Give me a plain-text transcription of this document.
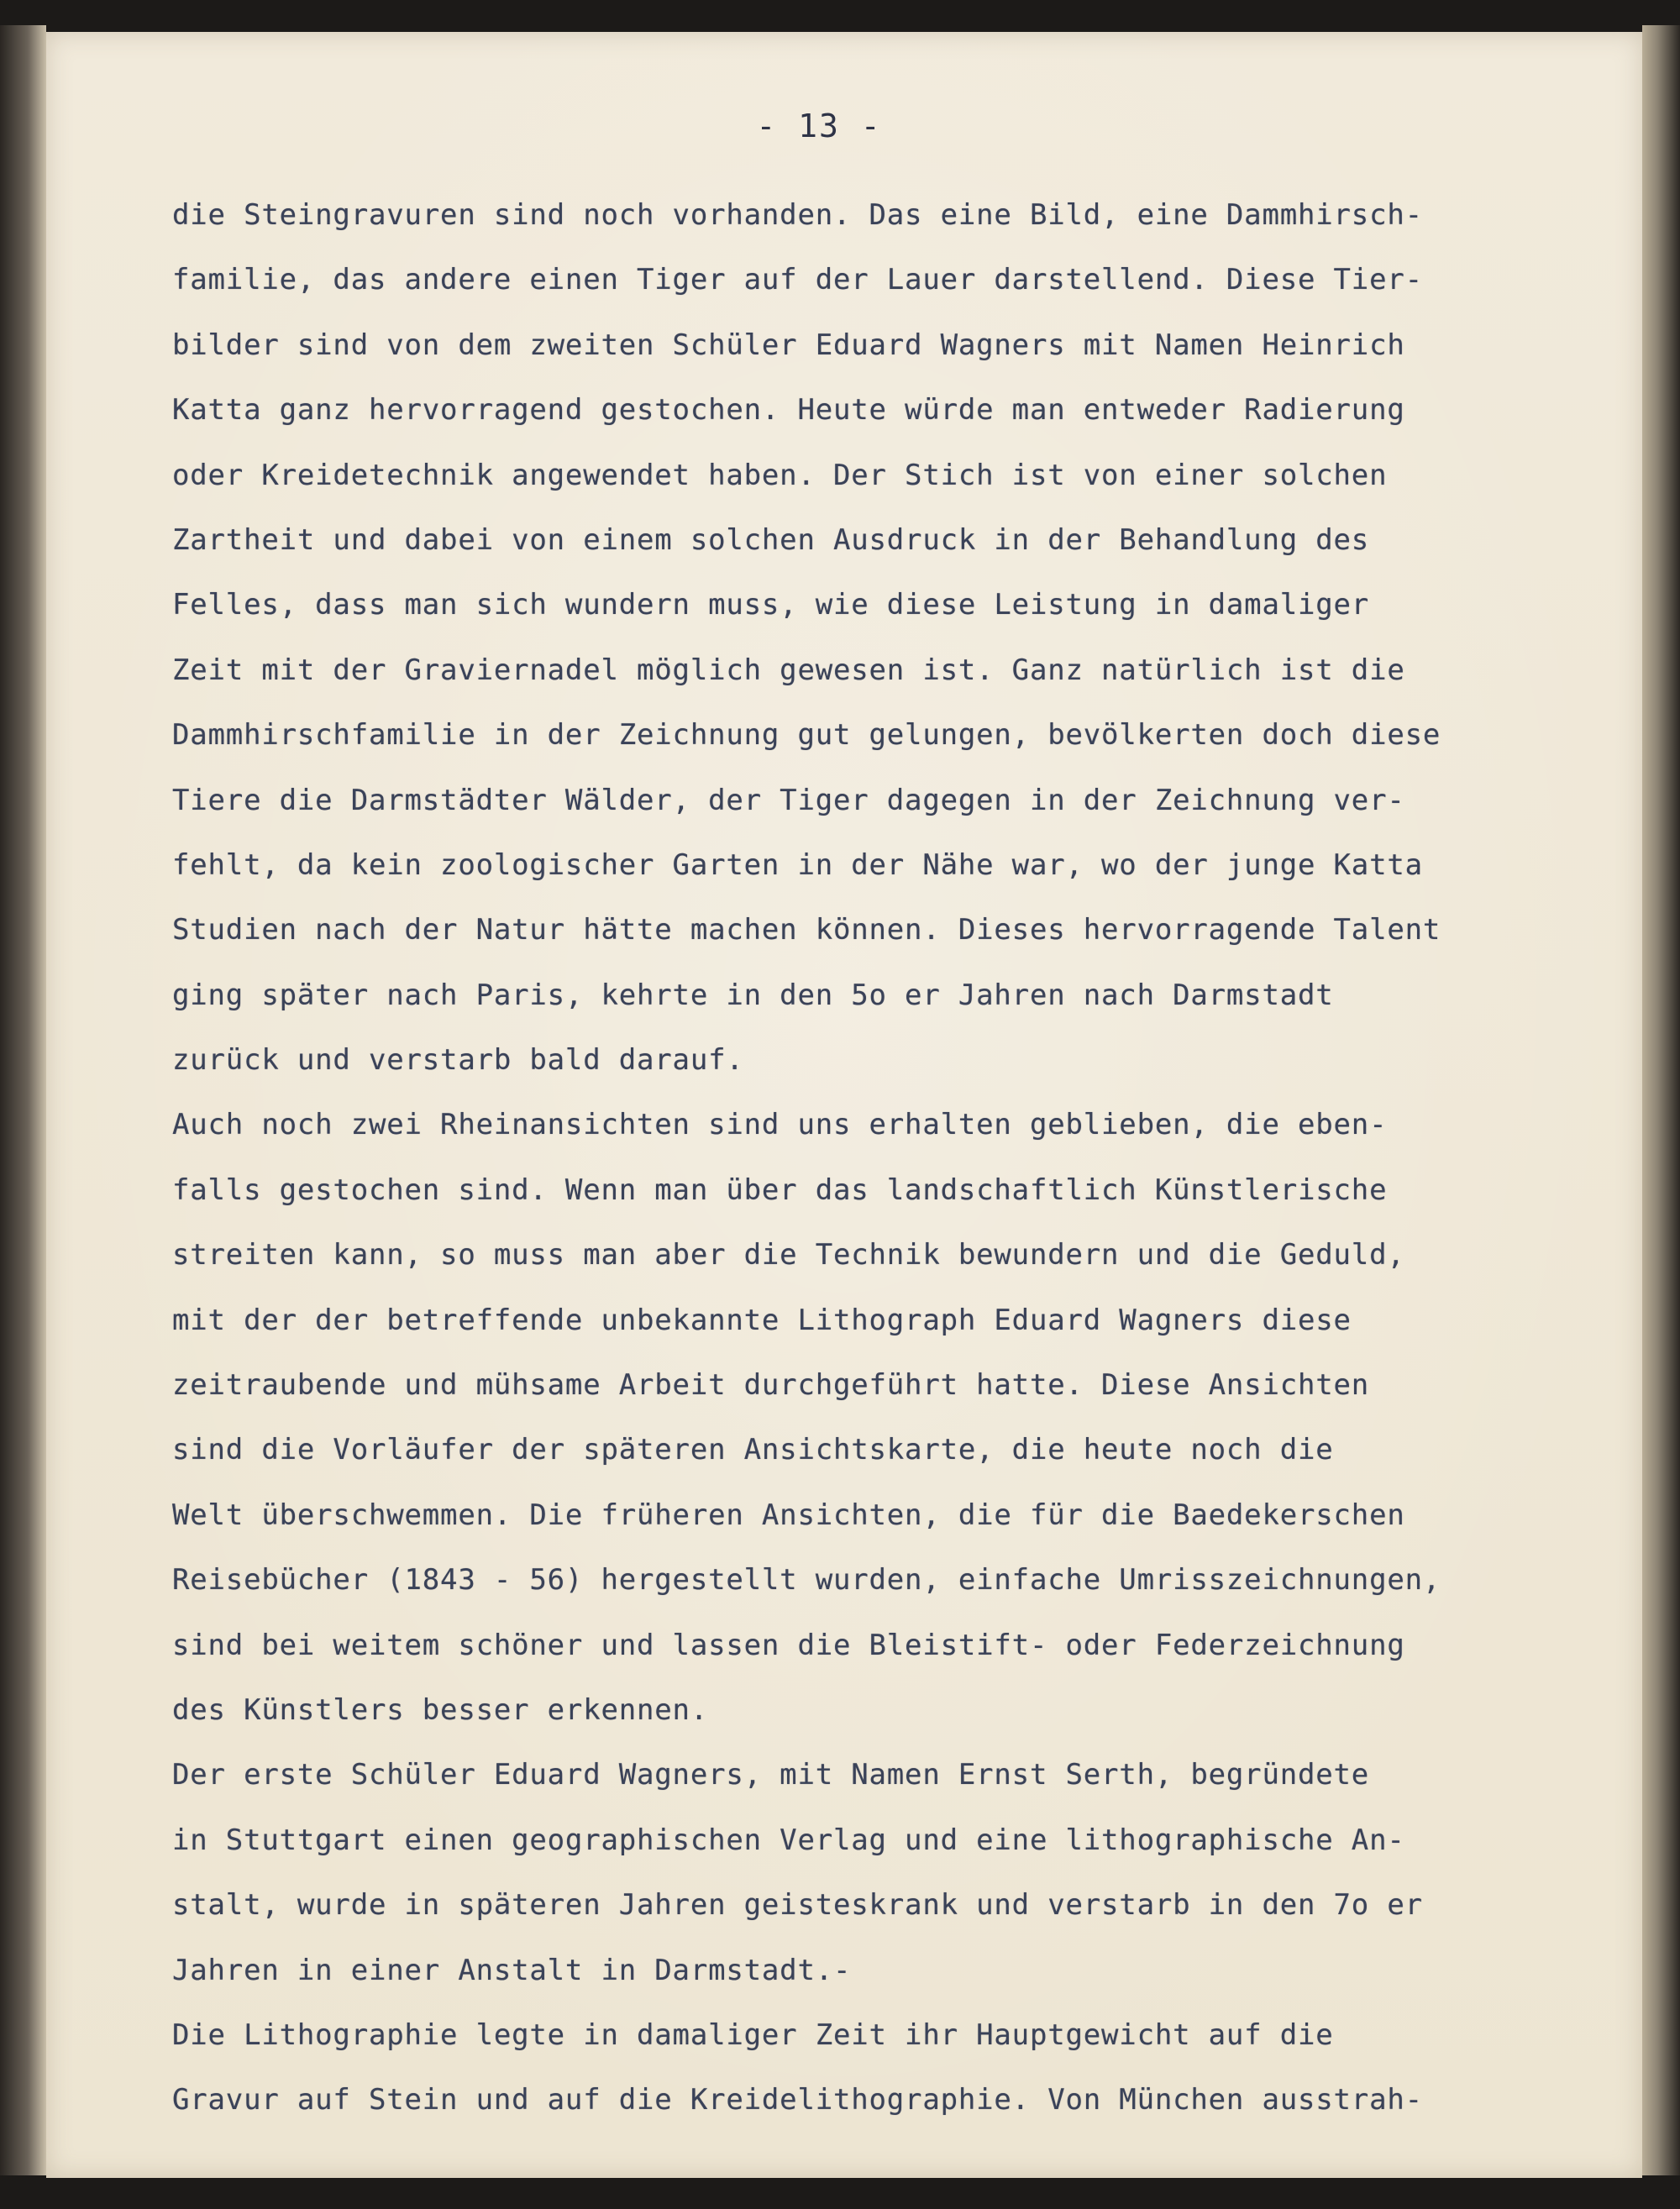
- 13 -
die Steingravuren sind noch vorhanden. Das eine Bild, eine Dammhirsch-
familie, das andere einen Tiger auf der Lauer darstellend. Diese Tier-
bilder sind von dem zweiten Schüler Eduard Wagners mit Namen Heinrich
Katta ganz hervorragend gestochen. Heute würde man entweder Radierung
oder Kreidetechnik angewendet haben. Der Stich ist von einer solchen
Zartheit und dabei von einem solchen Ausdruck in der Behandlung des
Felles, dass man sich wundern muss, wie diese Leistung in damaliger
Zeit mit der Graviernadel möglich gewesen ist. Ganz natürlich ist die
Dammhirschfamilie in der Zeichnung gut gelungen, bevölkerten doch diese
Tiere die Darmstädter Wälder, der Tiger dagegen in der Zeichnung ver-
fehlt, da kein zoologischer Garten in der Nähe war, wo der junge Katta
Studien nach der Natur hätte machen können. Dieses hervorragende Talent
ging später nach Paris, kehrte in den 5o er Jahren nach Darmstadt
zurück und verstarb bald darauf.
Auch noch zwei Rheinansichten sind uns erhalten geblieben, die eben-
falls gestochen sind. Wenn man über das landschaftlich Künstlerische
streiten kann, so muss man aber die Technik bewundern und die Geduld,
mit der der betreffende unbekannte Lithograph Eduard Wagners diese
zeitraubende und mühsame Arbeit durchgeführt hatte. Diese Ansichten
sind die Vorläufer der späteren Ansichtskarte, die heute noch die
Welt überschwemmen. Die früheren Ansichten, die für die Baedekerschen
Reisebücher (1843 - 56) hergestellt wurden, einfache Umrisszeichnungen,
sind bei weitem schöner und lassen die Bleistift- oder Federzeichnung
des Künstlers besser erkennen.
Der erste Schüler Eduard Wagners, mit Namen Ernst Serth, begründete
in Stuttgart einen geographischen Verlag und eine lithographische An-
stalt, wurde in späteren Jahren geisteskrank und verstarb in den 7o er
Jahren in einer Anstalt in Darmstadt.-
Die Lithographie legte in damaliger Zeit ihr Hauptgewicht auf die
Gravur auf Stein und auf die Kreidelithographie. Von München ausstrah-
